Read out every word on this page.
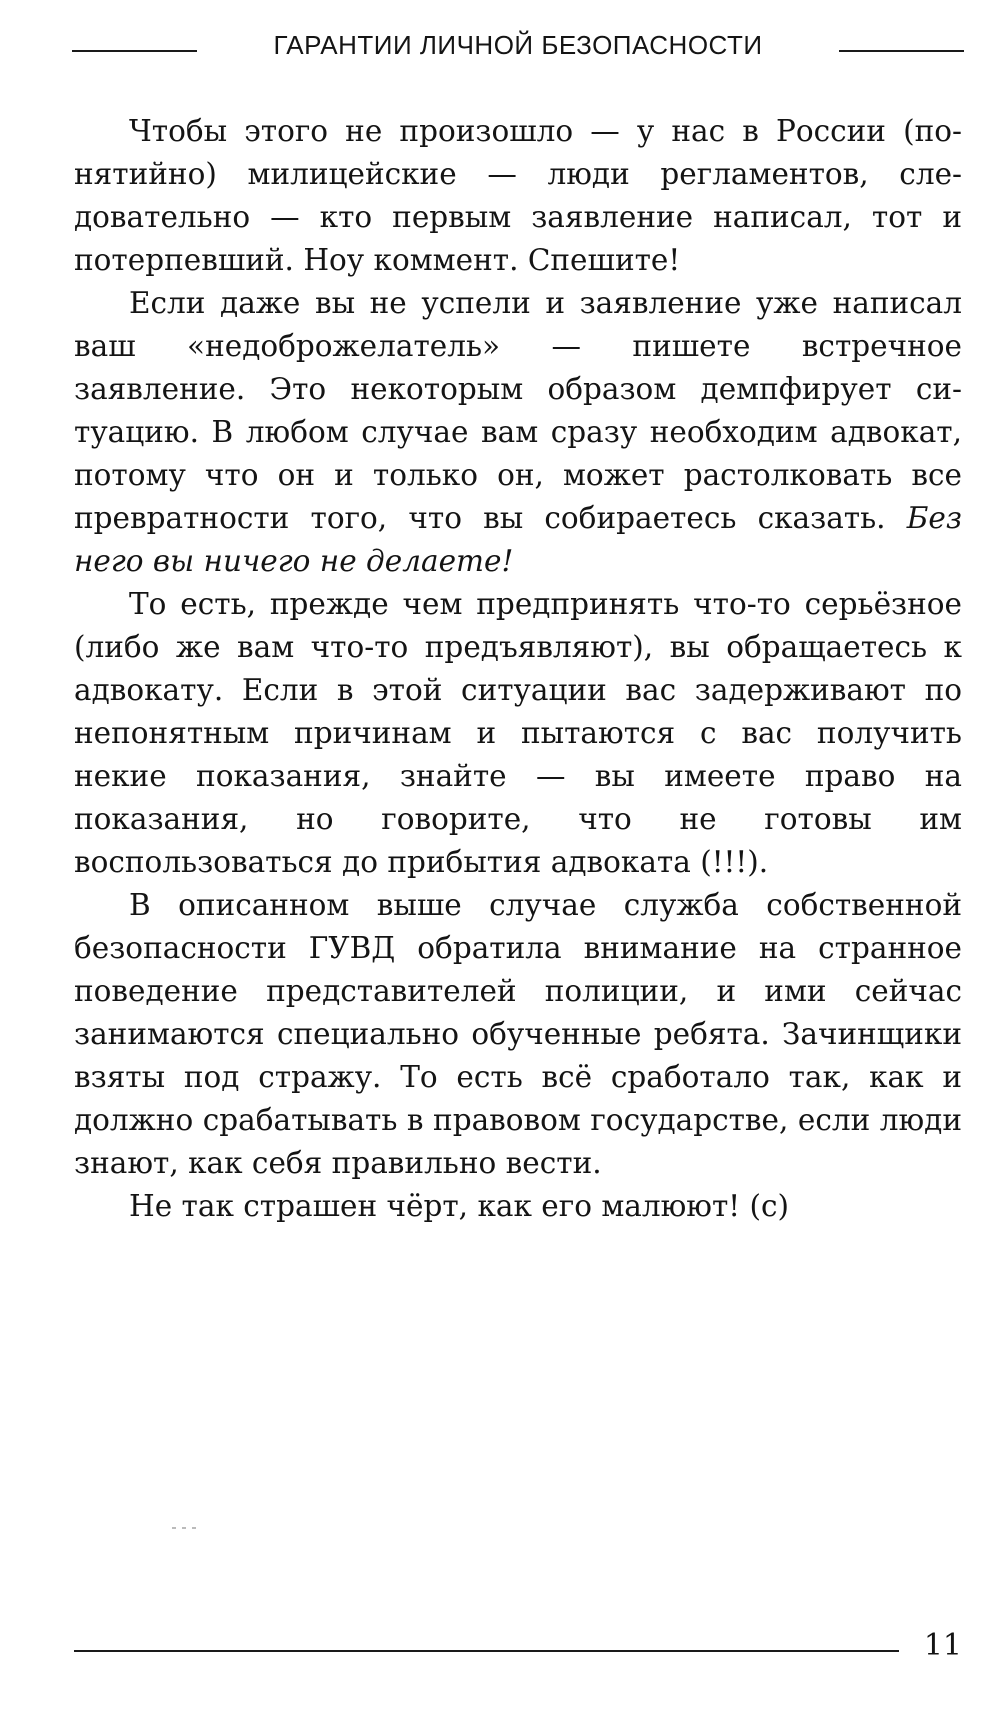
ГАРАНТИИ ЛИЧНОЙ БЕЗОПАСНОСТИ

Чтобы этого не произошло — у нас в России (понятийно) милицейские — люди регламентов, следовательно — кто первым заявление написал, тот и потерпевший. Ноу коммент. Спешите!

Если даже вы не успели и заявление уже написал ваш «недоброжелатель» — пишете встречное заявление. Это некоторым образом демпфирует ситуацию. В любом случае вам сразу необходим адвокат, потому что он и только он, может растолковать все превратности того, что вы собираетесь сказать. Без него вы ничего не делаете!

То есть, прежде чем предпринять что-то серьёзное (либо же вам что-то предъявляют), вы обращаетесь к адвокату. Если в этой ситуации вас задерживают по непонятным причинам и пытаются с вас получить некие показания, знайте — вы имеете право на показания, но говорите, что не готовы им воспользоваться до прибытия адвоката (!!!).

В описанном выше случае служба собственной безопасности ГУВД обратила внимание на странное поведение представителей полиции, и ими сейчас занимаются специально обученные ребята. Зачинщики взяты под стражу. То есть всё сработало так, как и должно срабатывать в правовом государстве, если люди знают, как себя правильно вести.

Не так страшен чёрт, как его малюют! (с)

11
